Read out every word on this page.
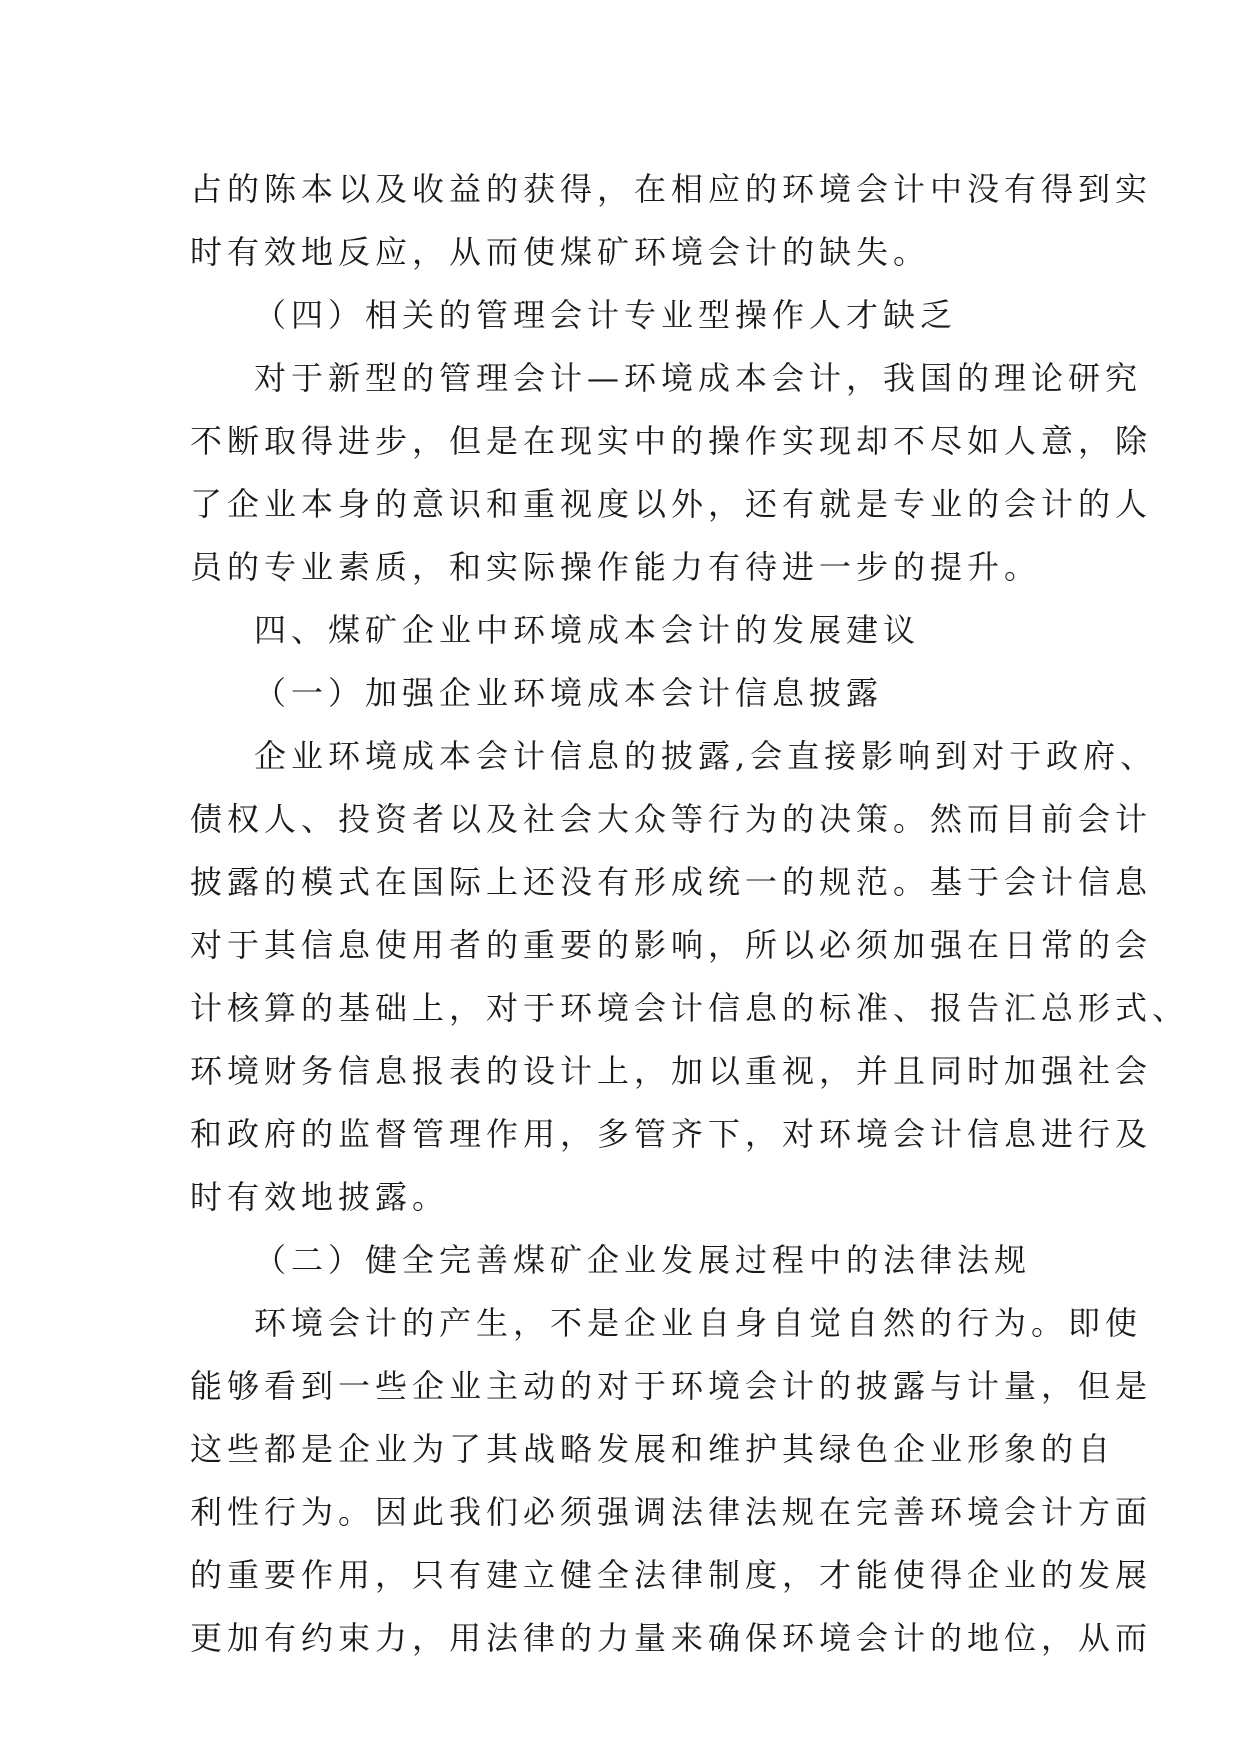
占的陈本以及收益的获得，在相应的环境会计中没有得到实
时有效地反应，从而使煤矿环境会计的缺失。
（四）相关的管理会计专业型操作人才缺乏
对于新型的管理会计—环境成本会计，我国的理论研究
不断取得进步，但是在现实中的操作实现却不尽如人意，除
了企业本身的意识和重视度以外，还有就是专业的会计的人
员的专业素质，和实际操作能力有待进一步的提升。
四、煤矿企业中环境成本会计的发展建议
（一）加强企业环境成本会计信息披露
企业环境成本会计信息的披露,会直接影响到对于政府、
债权人、投资者以及社会大众等行为的决策。然而目前会计
披露的模式在国际上还没有形成统一的规范。基于会计信息
对于其信息使用者的重要的影响，所以必须加强在日常的会
计核算的基础上，对于环境会计信息的标准、报告汇总形式、
环境财务信息报表的设计上，加以重视，并且同时加强社会
和政府的监督管理作用，多管齐下，对环境会计信息进行及
时有效地披露。
（二）健全完善煤矿企业发展过程中的法律法规
环境会计的产生，不是企业自身自觉自然的行为。即使
能够看到一些企业主动的对于环境会计的披露与计量，但是
这些都是企业为了其战略发展和维护其绿色企业形象的自
利性行为。因此我们必须强调法律法规在完善环境会计方面
的重要作用，只有建立健全法律制度，才能使得企业的发展
更加有约束力，用法律的力量来确保环境会计的地位，从而
